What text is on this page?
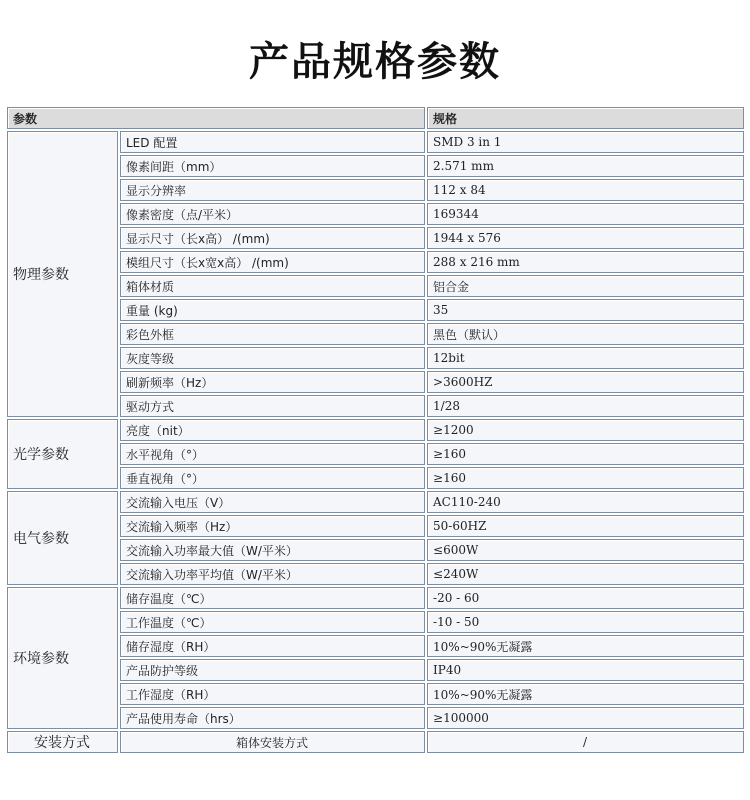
产品规格参数
参数		规格
物理参数	LED 配置	SMD 3 in 1
	像素间距（mm）	2.571 mm
	显示分辨率	112 x 84
	像素密度（点/平米）	169344
	显示尺寸（长x高） /(mm)	1944 x 576
	模组尺寸（长x宽x高） /(mm)	288 x 216 mm
	箱体材质	铝合金
	重量 (kg)	35
	彩色外框	黑色（默认）
	灰度等级	12bit
	刷新频率（Hz）	>3600HZ
	驱动方式	1/28
光学参数	亮度（nit）	≥1200
	水平视角（°）	≥160
	垂直视角（°）	≥160
电气参数	交流输入电压（V）	AC110-240
	交流输入频率（Hz）	50-60HZ
	交流输入功率最大值（W/平米）	≤600W
	交流输入功率平均值（W/平米）	≤240W
环境参数	储存温度（℃）	-20 - 60
	工作温度（℃）	-10 - 50
	储存湿度（RH）	10%~90%无凝露
	产品防护等级	IP40
	工作湿度（RH）	10%~90%无凝露
	产品使用寿命（hrs）	≥100000
安装方式	箱体安装方式	/
